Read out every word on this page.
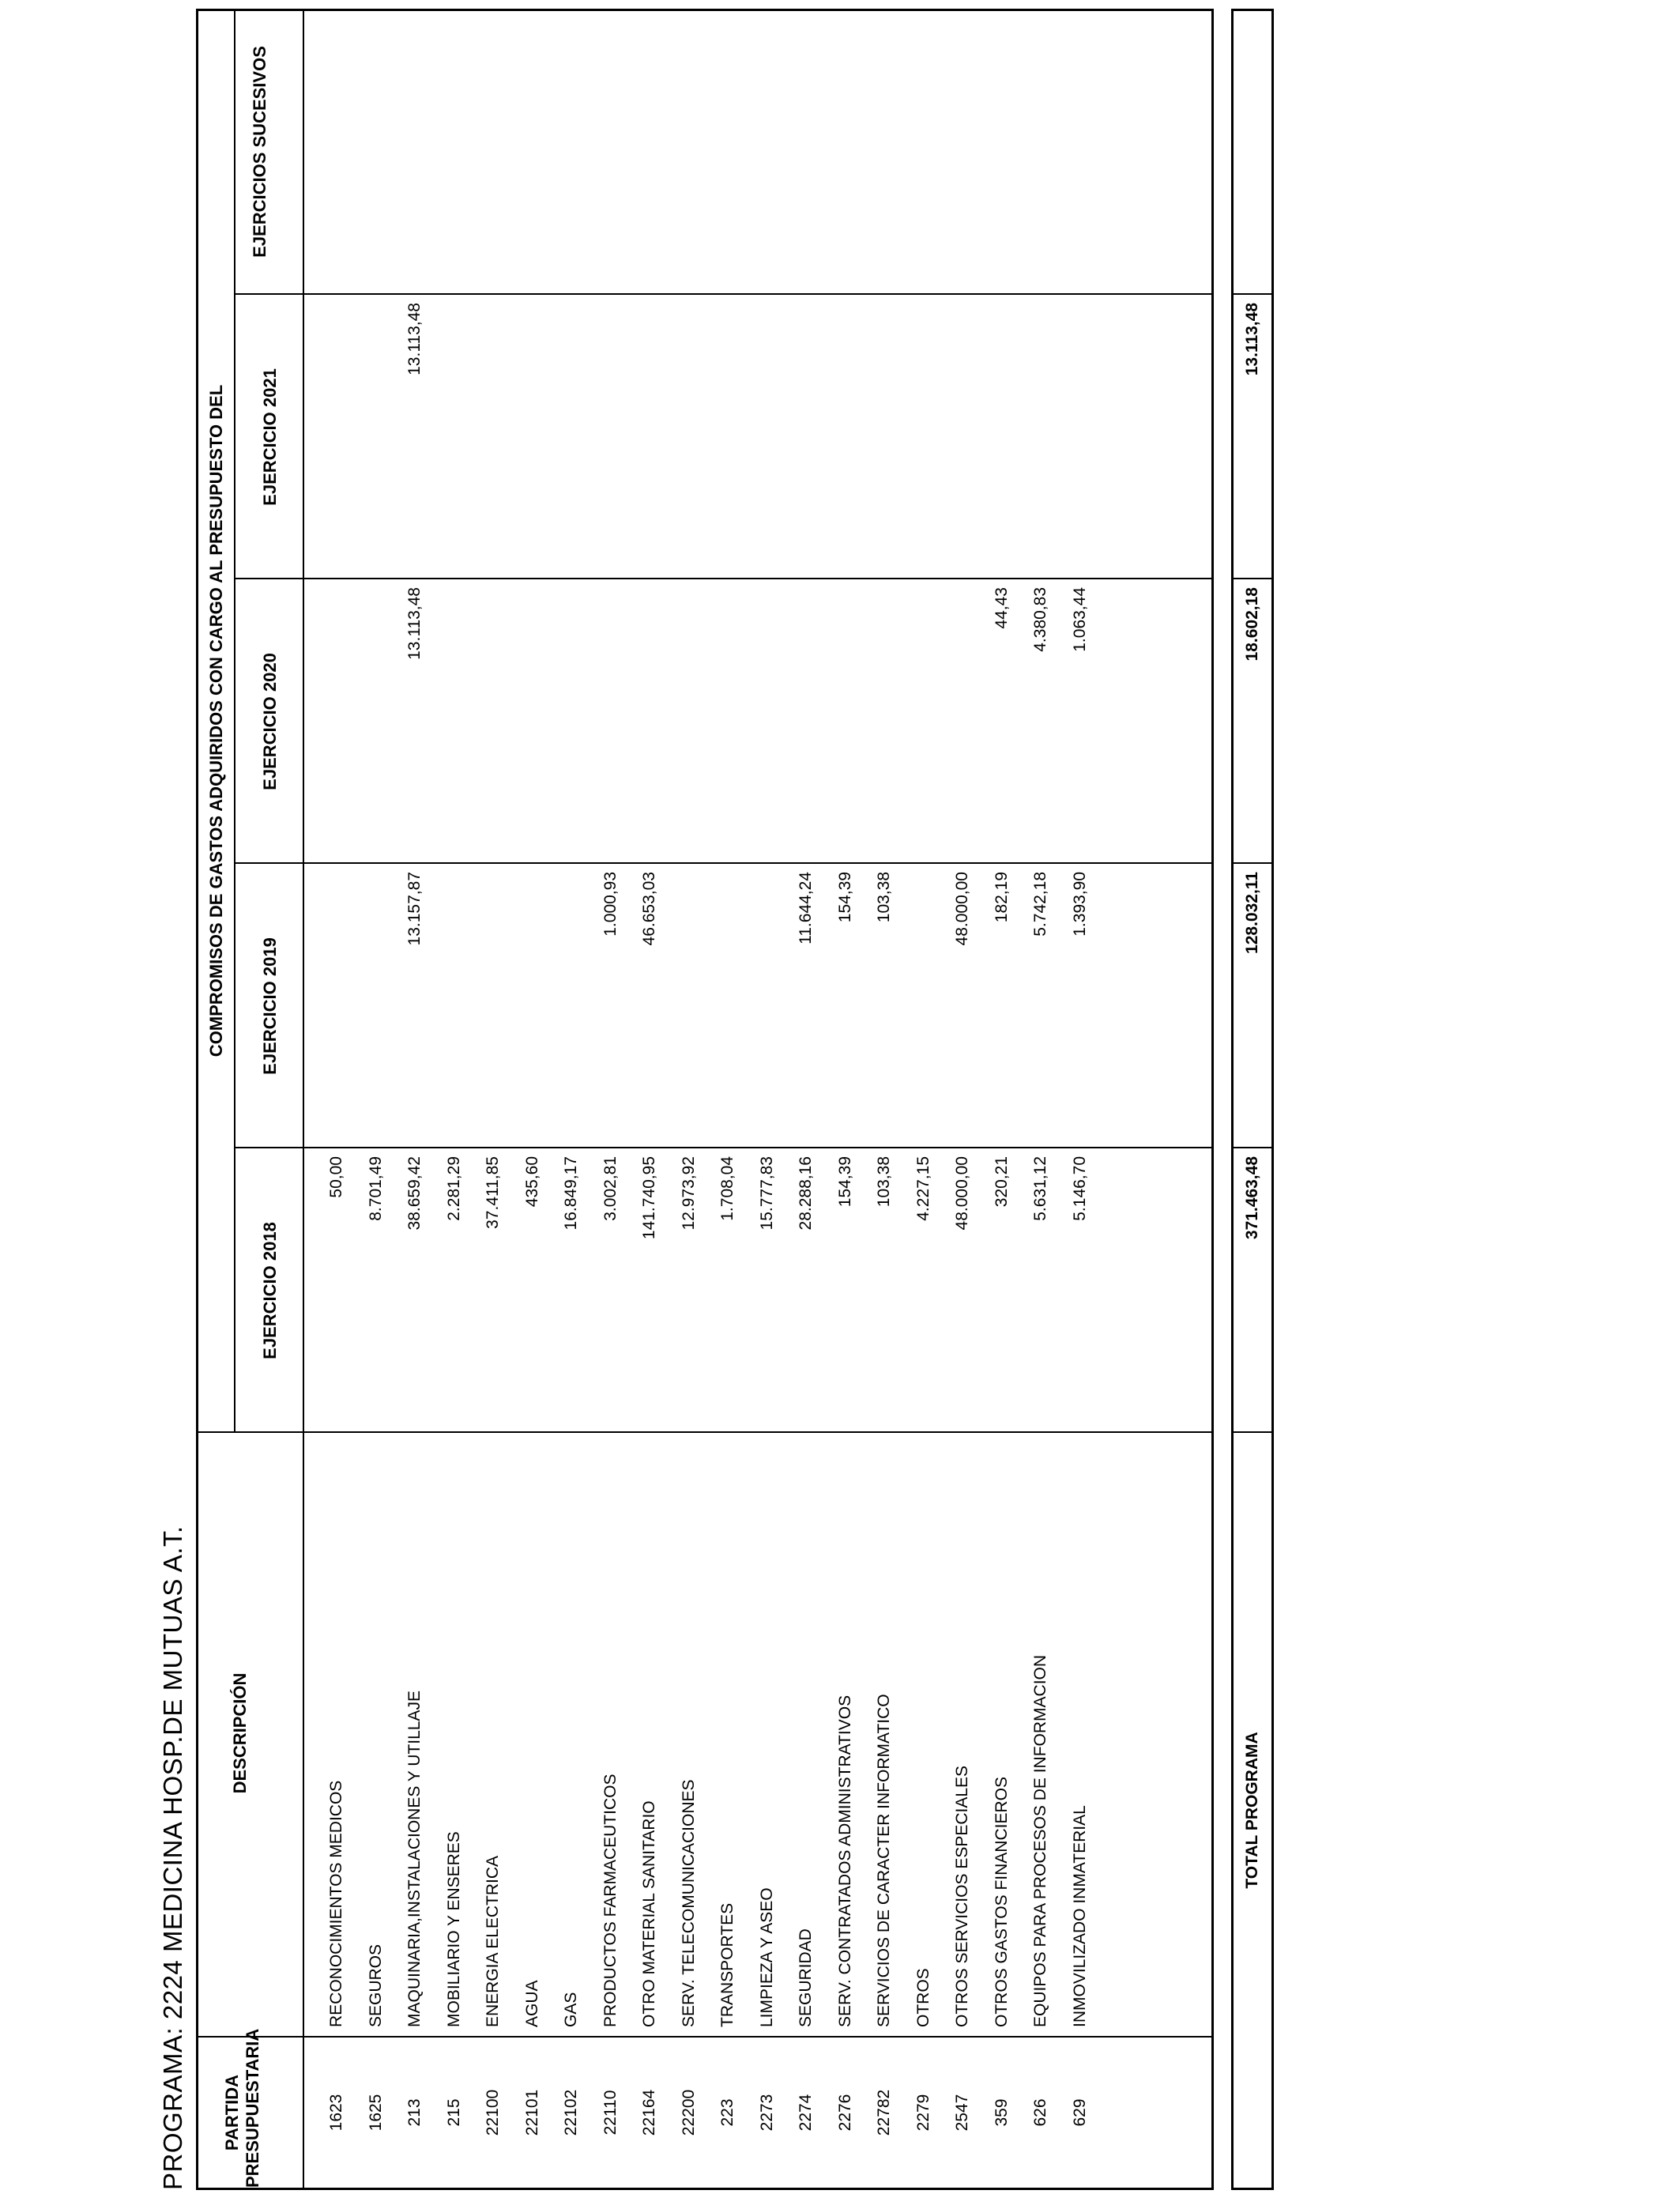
PROGRAMA: 2224 MEDICINA HOSP.DE MUTUAS A.T. PARTIDA PRESUPUESTARIA
DESCRIPCIÓN
COMPROMISOS DE GASTOS ADQUIRIDOS CON CARGO AL PRESUPUESTO DEL
EJERCICIO 2018
EJERCICIO 2019
EJERCICIO 2020
EJERCICIO 2021
EJERCICIOS SUCESIVOS
1623
RECONOCIMIENTOS MEDICOS
50,00
1625
SEGUROS
8.701,49
213
MAQUINARIA,INSTALACIONES Y UTILLAJE
38.659,42
13.157,87
13.113,48
13.113,48
215
MOBILIARIO Y ENSERES
2.281,29
22100
ENERGIA ELECTRICA
37.411,85
22101
AGUA
435,60
22102
GAS
16.849,17
22110
PRODUCTOS FARMACEUTICOS
3.002,81
1.000,93
22164
OTRO MATERIAL SANITARIO
141.740,95
46.653,03
22200
SERV. TELECOMUNICACIONES
12.973,92
223
TRANSPORTES
1.708,04
2273
LIMPIEZA Y ASEO
15.777,83
2274
SEGURIDAD
28.288,16
11.644,24
2276
SERV. CONTRATADOS ADMINISTRATIVOS
154,39
154,39
22782
SERVICIOS DE CARACTER INFORMATICO
103,38
103,38
2279
OTROS
4.227,15
2547
OTROS SERVICIOS ESPECIALES
48.000,00
48.000,00
359
OTROS GASTOS FINANCIEROS
320,21
182,19
44,43
626
EQUIPOS PARA PROCESOS DE INFORMACION
5.631,12
5.742,18
4.380,83
629
INMOVILIZADO INMATERIAL
5.146,70
1.393,90
1.063,44
TOTAL PROGRAMA
371.463,48
128.032,11
18.602,18
13.113,48
